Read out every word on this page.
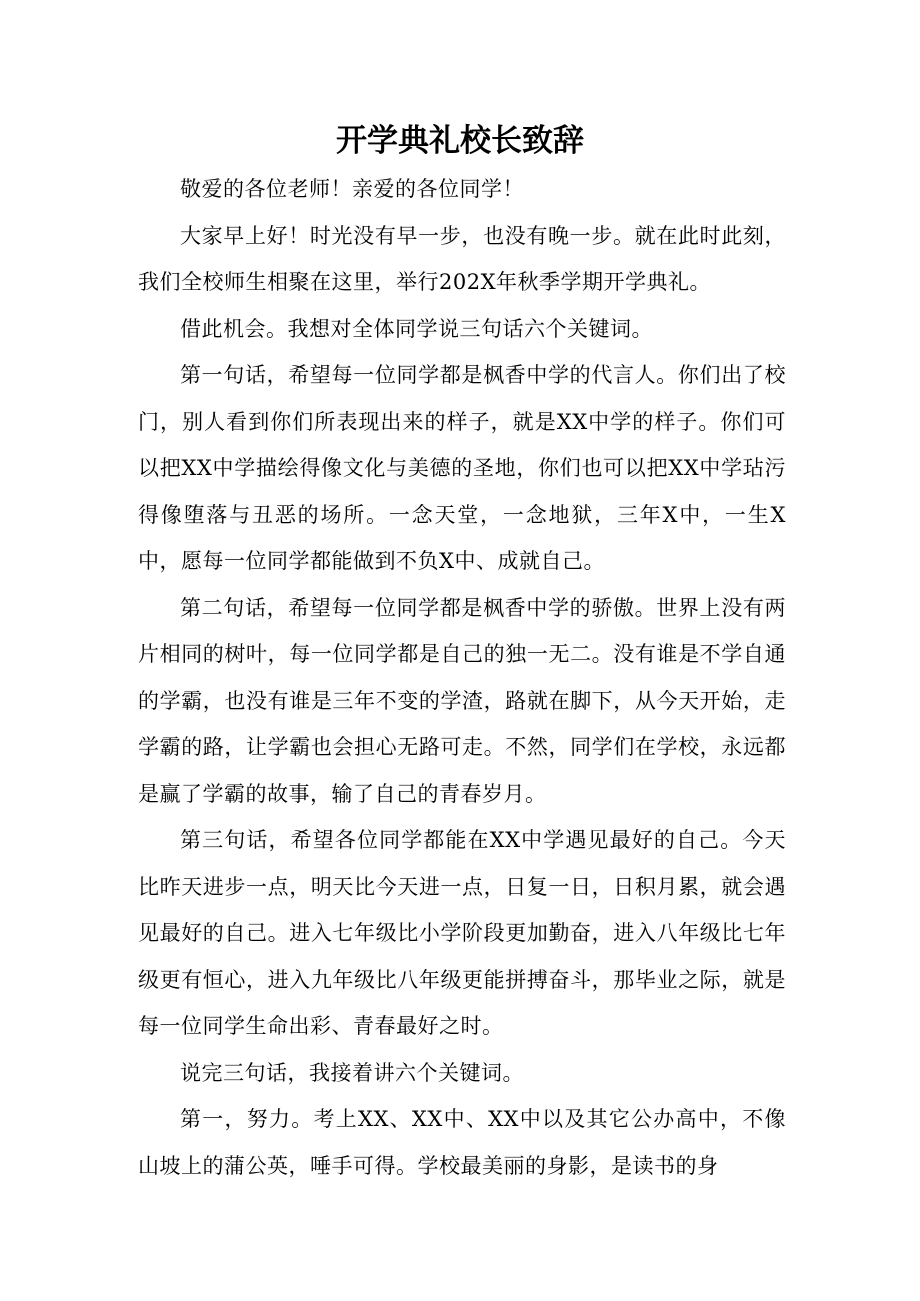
开学典礼校长致辞

敬爱的各位老师！亲爱的各位同学！

大家早上好！时光没有早一步，也没有晚一步。就在此时此刻，我们全校师生相聚在这里，举行202X年秋季学期开学典礼。

借此机会。我想对全体同学说三句话六个关键词。

第一句话，希望每一位同学都是枫香中学的代言人。你们出了校门，别人看到你们所表现出来的样子，就是XX中学的样子。你们可以把XX中学描绘得像文化与美德的圣地，你们也可以把XX中学玷污得像堕落与丑恶的场所。一念天堂，一念地狱，三年X中，一生X中，愿每一位同学都能做到不负X中、成就自己。

第二句话，希望每一位同学都是枫香中学的骄傲。世界上没有两片相同的树叶，每一位同学都是自己的独一无二。没有谁是不学自通的学霸，也没有谁是三年不变的学渣，路就在脚下，从今天开始，走学霸的路，让学霸也会担心无路可走。不然，同学们在学校，永远都是赢了学霸的故事，输了自己的青春岁月。

第三句话，希望各位同学都能在XX中学遇见最好的自己。今天比昨天进步一点，明天比今天进一点，日复一日，日积月累，就会遇见最好的自己。进入七年级比小学阶段更加勤奋，进入八年级比七年级更有恒心，进入九年级比八年级更能拼搏奋斗，那毕业之际，就是每一位同学生命出彩、青春最好之时。

说完三句话，我接着讲六个关键词。

第一，努力。考上XX、XX中、XX中以及其它公办高中，不像山坡上的蒲公英，唾手可得。学校最美丽的身影，是读书的身
